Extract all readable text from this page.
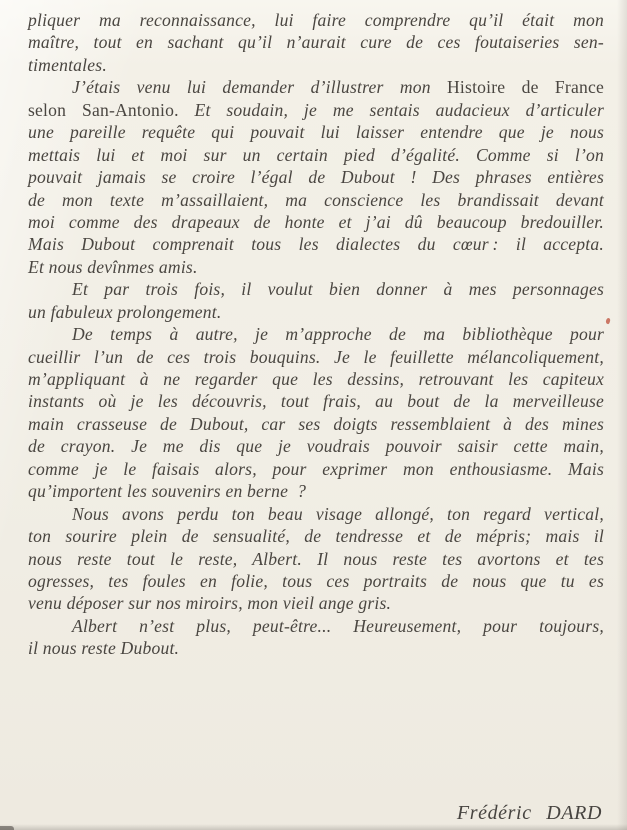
pliquer ma reconnaissance, lui faire comprendre qu’il était mon
maître, tout en sachant qu’il n’aurait cure de ces foutaiseries sen-
timentales.
J’étais venu lui demander d’illustrer mon Histoire de France
selon San-Antonio. Et soudain, je me sentais audacieux d’articuler
une pareille requête qui pouvait lui laisser entendre que je nous
mettais lui et moi sur un certain pied d’égalité. Comme si l’on
pouvait jamais se croire l’égal de Dubout ! Des phrases entières
de mon texte m’assaillaient, ma conscience les brandissait devant
moi comme des drapeaux de honte et j’ai dû beaucoup bredouiller.
Mais Dubout comprenait tous les dialectes du cœur : il accepta.
Et nous devînmes amis.
Et par trois fois, il voulut bien donner à mes personnages
un fabuleux prolongement.
De temps à autre, je m’approche de ma bibliothèque pour
cueillir l’un de ces trois bouquins. Je le feuillette mélancoliquement,
m’appliquant à ne regarder que les dessins, retrouvant les capiteux
instants où je les découvris, tout frais, au bout de la merveilleuse
main crasseuse de Dubout, car ses doigts ressemblaient à des mines
de crayon. Je me dis que je voudrais pouvoir saisir cette main,
comme je le faisais alors, pour exprimer mon enthousiasme. Mais
qu’importent les souvenirs en berne ?
Nous avons perdu ton beau visage allongé, ton regard vertical,
ton sourire plein de sensualité, de tendresse et de mépris; mais il
nous reste tout le reste, Albert. Il nous reste tes avortons et tes
ogresses, tes foules en folie, tous ces portraits de nous que tu es
venu déposer sur nos miroirs, mon vieil ange gris.
Albert n’est plus, peut-être... Heureusement, pour toujours,
il nous reste Dubout.
Frédéric DARD
